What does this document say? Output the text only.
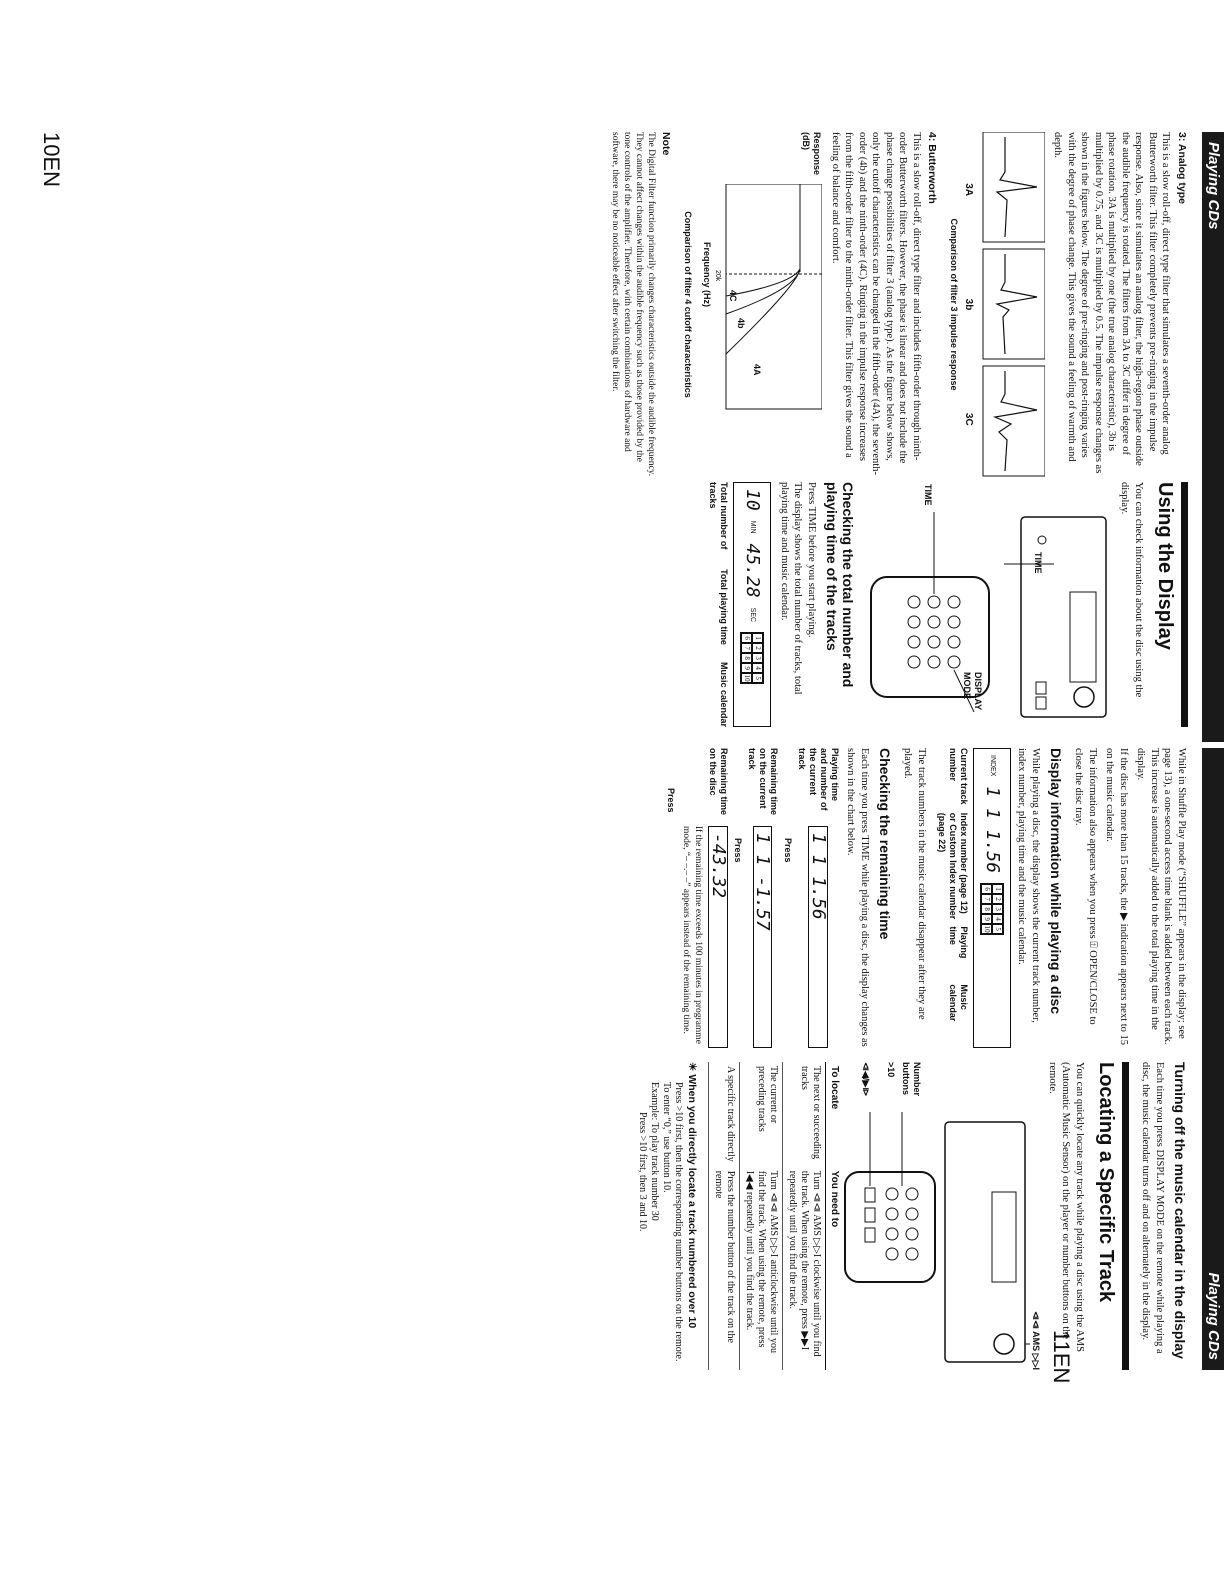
Playing CDs
Playing CDs
3: Analog type

This is a slow roll-off, direct type filter that simulates a seventh-order analog Butterworth filter. This filter completely prevents pre-ringing in the impulse response. Also, since it simulates an analog filter, the high-region phase outside the audible frequency is rotated. The filters from 3A to 3C differ in degree of phase rotation. 3A is multiplied by one (the true analog characteristic), 3b is multiplied by 0.75, and 3C is multiplied by 0.5. The impulse response changes as shown in the figures below. The degree of pre-ringing and post-ringing varies with the degree of phase change. This gives the sound a feeling of warmth and depth.

3A
3b
3C
Comparison of filter 3 impulse response
4: Butterworth

This is a slow roll-off, direct type filter and includes fifth-order through ninth-order Butterworth filters. However, the phase is linear and does not include the phase change possibilities of filter 3 (analog type). As the figure below shows, only the cutoff characteristics can be changed in the fifth-order (4A), the seventh-order (4b) and the ninth-order (4C). Ringing in the impulse response increases from the fifth-order filter to the ninth-order filter. This filter gives the sound a feeling of balance and comfort.

Response (dB)
20k
4A
4b
4C
Frequency (Hz)
Comparison of filter 4 cutoff characteristics
Note

The Digital Filter function primarily changes characteristics outside the audible frequency. They cannot affect changes within the audible frequency such as those provided by the tone controls of the amplifier. Therefore, with certain combinations of hardware and software, there may be no noticeable effect after switching the filter.

Using the Display

You can check information about the disc using the display.

TIME
TIME
DISPLAY MODE
Checking the total number and playing time of the tracks

Press TIME before you start playing.

The display shows the total number of tracks, total playing time and music calendar.

10
MIN
45.28
SEC
1
2
3
4
5
6
7
8
9
10
Total number of tracks
Total playing time
Music calendar

While in Shuffle Play mode (“SHUFFLE” appears in the display; see page 13), a one-second access time blank is added between each track. This increase is automatically added to the total playing time in the display.

If the disc has more than 15 tracks, the ▶ indication appears next to 15 on the music calendar.

The information also appears when you press ⍐ OPEN/CLOSE to close the disc tray.

Display information while playing a disc

While playing a disc, the display shows the current track number, index number, playing time and the music calendar.

INDEX
1 1 1.56
1
2
3
4
5
6
7
8
9
10
Current track number
Index number (page 12) or Custom Index number (page 22)
Playing time
Music calendar

The track numbers in the music calendar disappear after they are played.

Checking the remaining time

Each time you press TIME while playing a disc, the display changes as shown in the chart below.

Playing time and number of the current track
1 1 1.56
Press
Remaining time on the current track
1 1 -1.57
Press
Remaining time on the disc
-43.32

If the remaining time exceeds 100 minutes in programme mode, “– –.– –” appears instead of the remaining time.

Press
Turning off the music calendar in the display

Each time you press DISPLAY MODE on the remote while playing a disc, the music calendar turns off and on alternately in the display.

Locating a Specific Track

You can quickly locate any track while playing a disc using the AMS (Automatic Music Sensor) on the player or number buttons on the remote.

⧏⧏ AMS ▷▷I
Number buttons
>10
⧏◀/▶⧐
To locate	You need to
The next or succeeding tracks	Turn ⧏⧏ AMS ▷▷I clockwise until you find the track. When using the remote, press ▶▶I repeatedly until you find the track.
The current or preceding tracks	Turn ⧏⧏ AMS ▷▷I anticlockwise until you find the track. When using the remote, press I◀◀ repeatedly until you find the track.
A specific track directly	Press the number button of the track on the remote
☀ When you directly locate a track numbered over 10
Press >10 first, then the corresponding number buttons on the remote. To enter “0,” use button 10.
Example: To play track number 30
Press >10 first, then 3 and 10.
10EN
11EN
